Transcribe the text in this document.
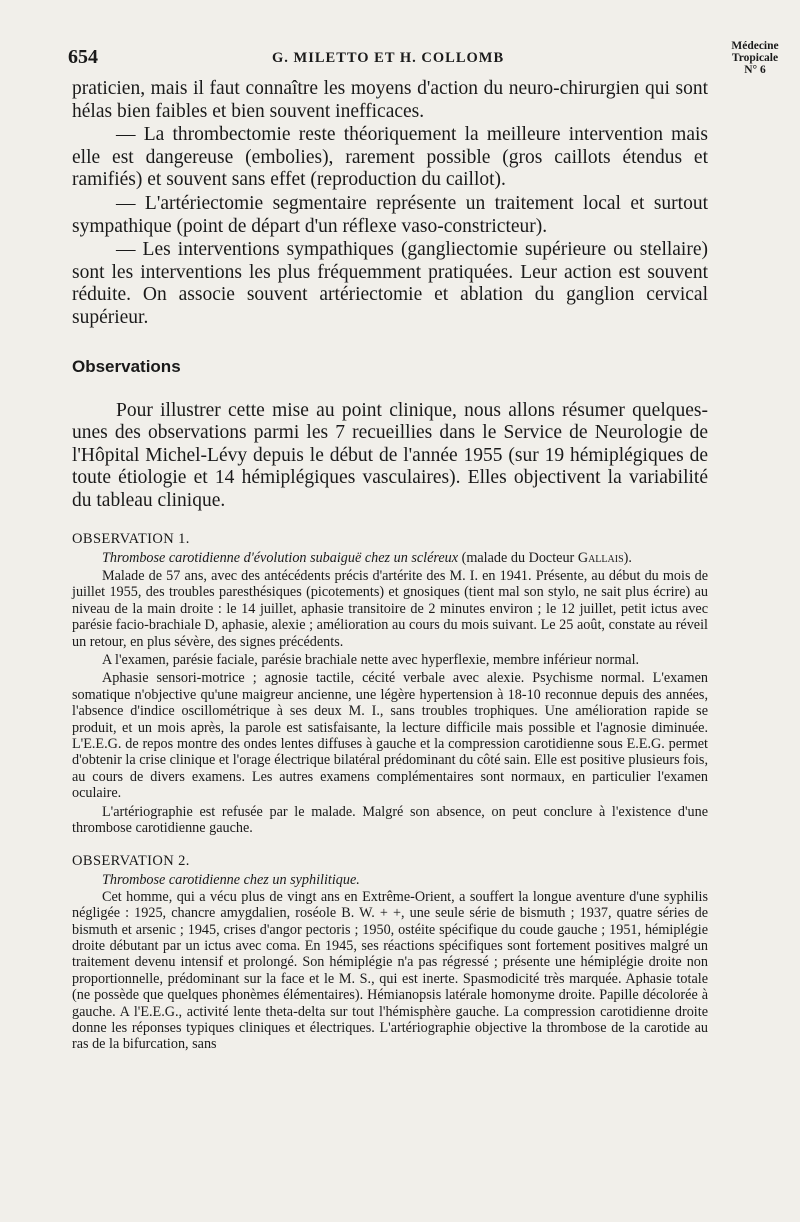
654	G. MILETTO ET H. COLLOMB
Médecine
Tropicale
N° 6

praticien, mais il faut connaître les moyens d'action du neuro-chirurgien qui sont hélas bien faibles et bien souvent inefficaces.

— La thrombectomie reste théoriquement la meilleure intervention mais elle est dangereuse (embolies), rarement possible (gros caillots étendus et ramifiés) et souvent sans effet (reproduction du caillot).

— L'artériectomie segmentaire représente un traitement local et surtout sympathique (point de départ d'un réflexe vaso-constricteur).

— Les interventions sympathiques (gangliectomie supérieure ou stellaire) sont les interventions les plus fréquemment pratiquées. Leur action est souvent réduite. On associe souvent artériectomie et ablation du ganglion cervical supérieur.

Observations

Pour illustrer cette mise au point clinique, nous allons résumer quelques-unes des observations parmi les 7 recueillies dans le Service de Neurologie de l'Hôpital Michel-Lévy depuis le début de l'année 1955 (sur 19 hémiplégiques de toute étiologie et 14 hémiplégiques vasculaires). Elles objectivent la variabilité du tableau clinique.

OBSERVATION 1.

Thrombose carotidienne d'évolution subaiguë chez un scléreux (malade du Docteur Gallais).

Malade de 57 ans, avec des antécédents précis d'artérite des M. I. en 1941. Présente, au début du mois de juillet 1955, des troubles paresthésiques (picotements) et gnosiques (tient mal son stylo, ne sait plus écrire) au niveau de la main droite : le 14 juillet, aphasie transitoire de 2 minutes environ ; le 12 juillet, petit ictus avec parésie facio-brachiale D, aphasie, alexie ; amélioration au cours du mois suivant. Le 25 août, constate au réveil un retour, en plus sévère, des signes précédents.

A l'examen, parésie faciale, parésie brachiale nette avec hyperflexie, membre inférieur normal.

Aphasie sensori-motrice ; agnosie tactile, cécité verbale avec alexie. Psychisme normal. L'examen somatique n'objective qu'une maigreur ancienne, une légère hypertension à 18-10 reconnue depuis des années, l'absence d'indice oscillométrique à ses deux M. I., sans troubles trophiques. Une amélioration rapide se produit, et un mois après, la parole est satisfaisante, la lecture difficile mais possible et l'agnosie diminuée. L'E.E.G. de repos montre des ondes lentes diffuses à gauche et la compression carotidienne sous E.E.G. permet d'obtenir la crise clinique et l'orage électrique bilatéral prédominant du côté sain. Elle est positive plusieurs fois, au cours de divers examens. Les autres examens complémentaires sont normaux, en particulier l'examen oculaire.

L'artériographie est refusée par le malade. Malgré son absence, on peut conclure à l'existence d'une thrombose carotidienne gauche.

OBSERVATION 2.

Thrombose carotidienne chez un syphilitique.

Cet homme, qui a vécu plus de vingt ans en Extrême-Orient, a souffert la longue aventure d'une syphilis négligée : 1925, chancre amygdalien, roséole B. W. + +, une seule série de bismuth ; 1937, quatre séries de bismuth et arsenic ; 1945, crises d'angor pectoris ; 1950, ostéite spécifique du coude gauche ; 1951, hémiplégie droite débutant par un ictus avec coma. En 1945, ses réactions spécifiques sont fortement positives malgré un traitement devenu intensif et prolongé. Son hémiplégie n'a pas régressé ; présente une hémiplégie droite non proportionnelle, prédominant sur la face et le M. S., qui est inerte. Spasmodicité très marquée. Aphasie totale (ne possède que quelques phonèmes élémentaires). Hémianopsis latérale homonyme droite. Papille décolorée à gauche. A l'E.E.G., activité lente theta-delta sur tout l'hémisphère gauche. La compression carotidienne droite donne les réponses typiques cliniques et électriques. L'artériographie objective la thrombose de la carotide au ras de la bifurcation, sans
